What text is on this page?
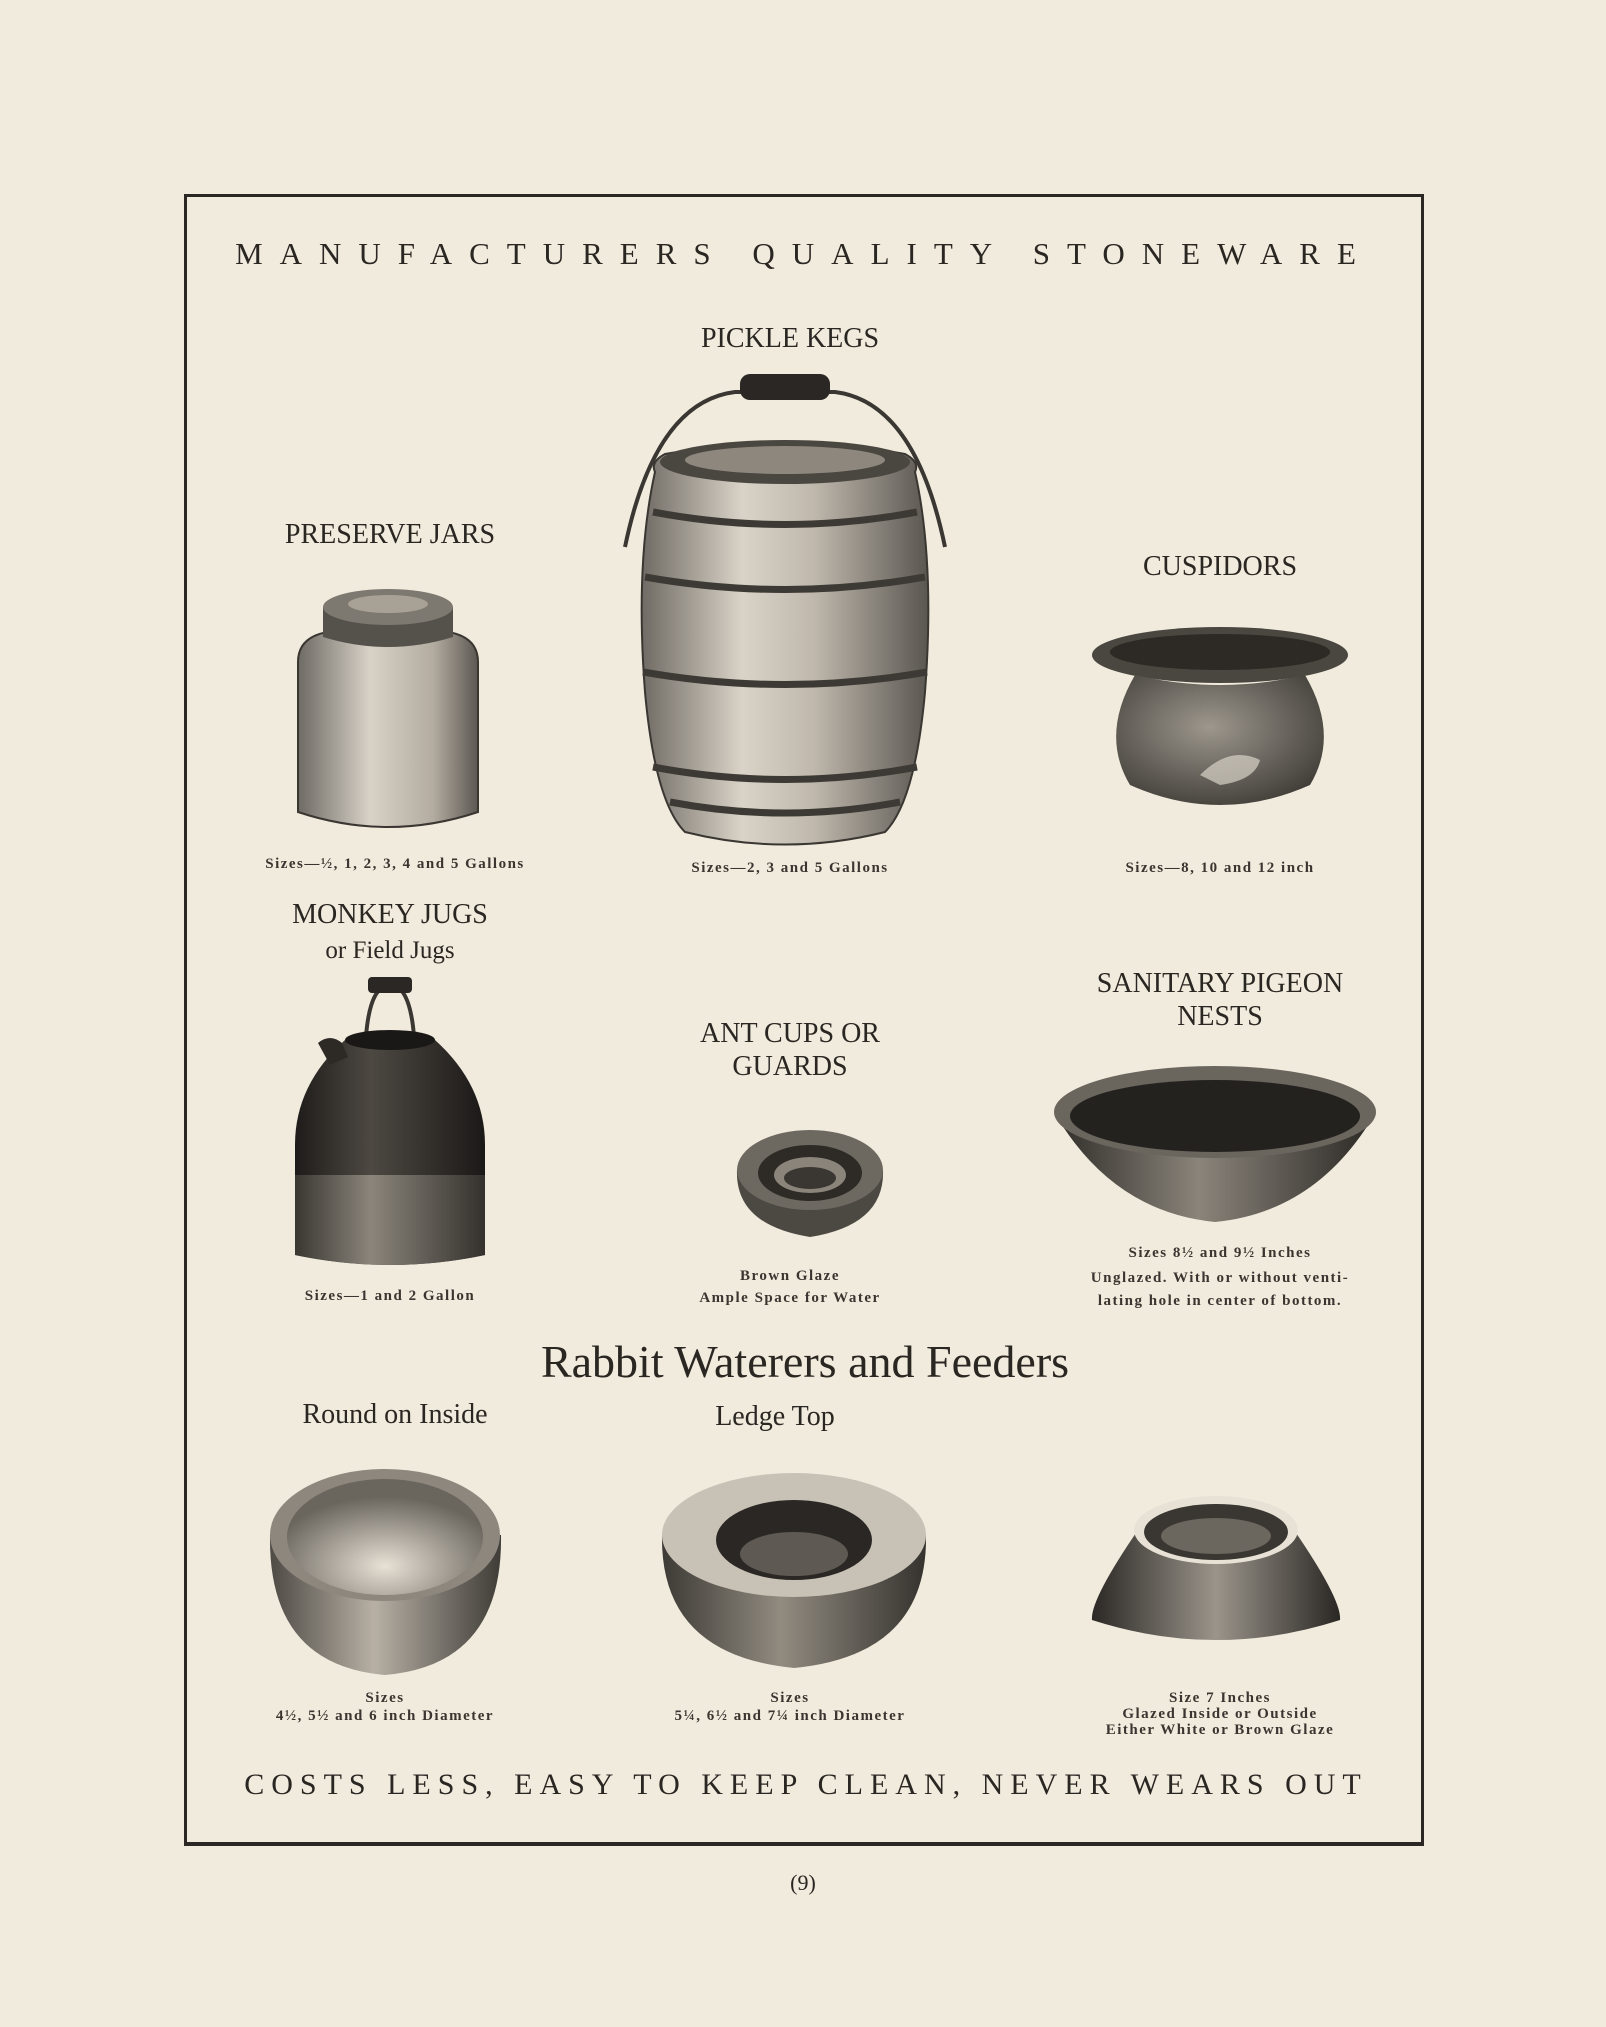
MANUFACTURERS QUALITY STONEWARE
PICKLE KEGS
Sizes—2, 3 and 5 Gallons
PRESERVE JARS
Sizes—½, 1, 2, 3, 4 and 5 Gallons
CUSPIDORS
Sizes—8, 10 and 12 inch
MONKEY JUGS
or Field Jugs
Sizes—1 and 2 Gallon
ANT CUPS OR
GUARDS
Brown Glaze
Ample Space for Water
SANITARY PIGEON
NESTS
Sizes 8½ and 9½ Inches
Unglazed. With or without venti-
lating hole in center of bottom.
Rabbit Waterers and Feeders
Round on Inside	Ledge Top
Sizes
4½, 5½ and 6 inch Diameter
Sizes
5¼, 6½ and 7¼ inch Diameter
Size 7 Inches
Glazed Inside or Outside
Either White or Brown Glaze
COSTS LESS, EASY TO KEEP CLEAN, NEVER WEARS OUT
(9)
